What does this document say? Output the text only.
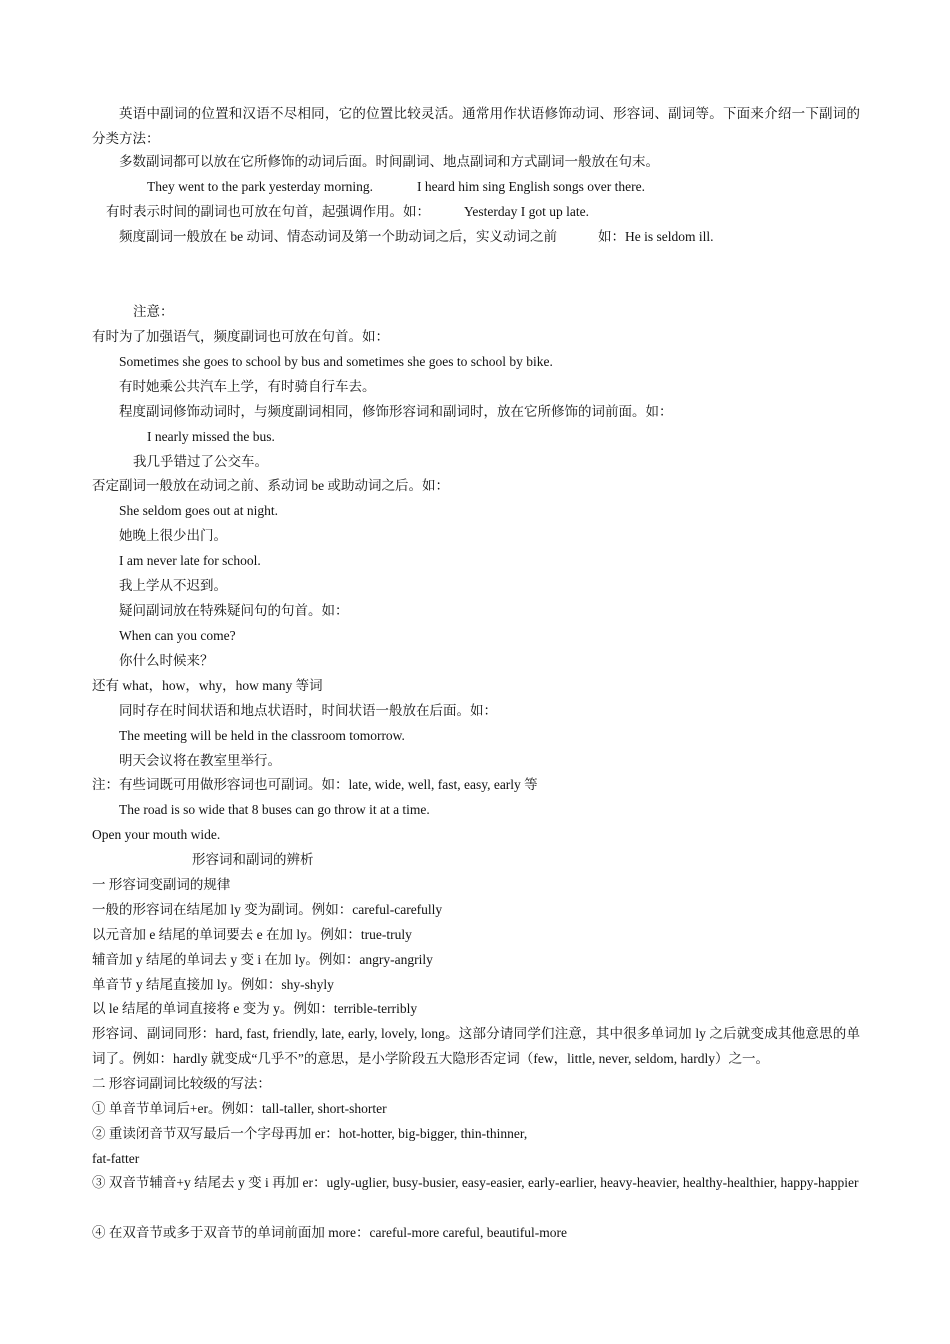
英语中副词的位置和汉语不尽相同，它的位置比较灵活。通常用作状语修饰动词、形容词、副词等。下面来介绍一下副词的分类方法：
多数副词都可以放在它所修饰的动词后面。时间副词、地点副词和方式副词一般放在句末。
They went to the park yesterday morning.	I heard him sing English songs over there.
有时表示时间的副词也可放在句首，起强调作用。如：	Yesterday I got up late.
频度副词一般放在 be 动词、情态动词及第一个助动词之后，实义动词之前	如：He is seldom ill.
注意：
有时为了加强语气，频度副词也可放在句首。如：
Sometimes she goes to school by bus and sometimes she goes to school by bike.
有时她乘公共汽车上学，有时骑自行车去。
程度副词修饰动词时，与频度副词相同，修饰形容词和副词时，放在它所修饰的词前面。如：
I nearly missed the bus.
我几乎错过了公交车。
否定副词一般放在动词之前、系动词 be 或助动词之后。如：
She seldom goes out at night.
她晚上很少出门。
I am never late for school.
我上学从不迟到。
疑问副词放在特殊疑问句的句首。如：
When can you come?
你什么时候来？
还有 what，how，why，how many 等词
同时存在时间状语和地点状语时，时间状语一般放在后面。如：
The meeting will be held in the classroom tomorrow.
明天会议将在教室里举行。
注：有些词既可用做形容词也可副词。如：late, wide, well, fast, easy, early 等
The road is so wide that 8 buses can go throw it at a time.
Open your mouth wide.
形容词和副词的辨析
一 形容词变副词的规律
一般的形容词在结尾加 ly 变为副词。例如：careful-carefully
以元音加 e 结尾的单词要去 e 在加 ly。例如：true-truly
辅音加 y 结尾的单词去 y 变 i 在加 ly。例如：angry-angrily
单音节 y 结尾直接加 ly。例如：shy-shyly
以 le 结尾的单词直接将 e 变为 y。例如：terrible-terribly
形容词、副词同形：hard, fast, friendly, late, early, lovely, long。这部分请同学们注意，其中很多单词加 ly 之后就变成其他意思的单词了。例如：hardly 就变成“几乎不”的意思，是小学阶段五大隐形否定词（few，little, never, seldom, hardly）之一。
二 形容词副词比较级的写法：
① 单音节单词后+er。例如：tall-taller, short-shorter
② 重读闭音节双写最后一个字母再加 er：hot-hotter, big-bigger, thin-thinner,
fat-fatter
③ 双音节辅音+y 结尾去 y 变 i 再加 er：ugly-uglier, busy-busier, easy-easier, early-earlier, heavy-heavier, healthy-healthier, happy-happier
④ 在双音节或多于双音节的单词前面加 more：careful-more careful, beautiful-more
